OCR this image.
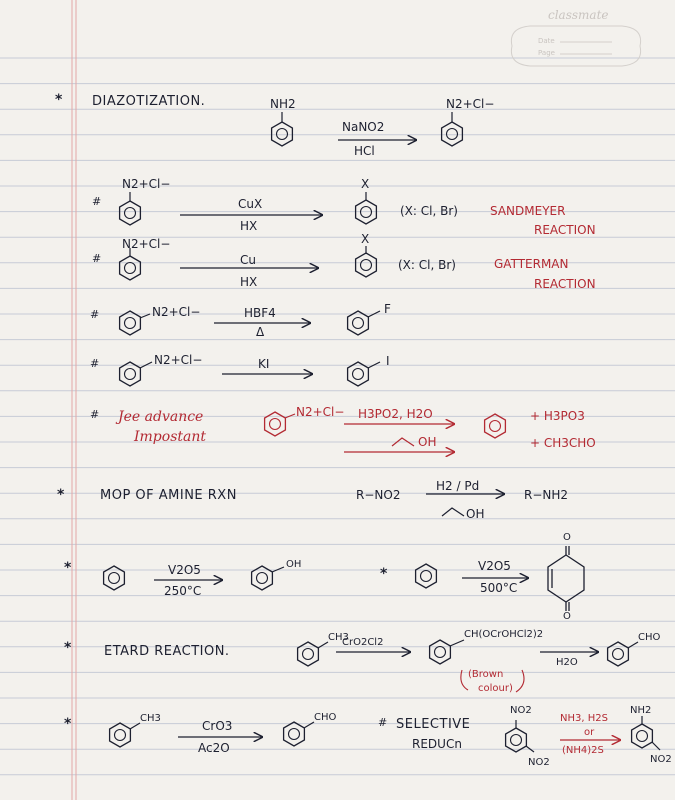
classmate
Date
Page
*
#
#
#
#
#
*
*	*
*
*	#
DIAZOTIZATION.	NH2
NaNO2
HCl
N2+Cl−
N2+Cl−
CuX
HX
X
(X: Cl, Br)	SANDMEYER
REACTION
N2+Cl−
Cu
HX
X
(X: Cl, Br)	GATTERMAN
REACTION
N2+Cl−	HBF4
Δ
F
N2+Cl−	KI	I
Jee advance
Impostant
N2+Cl− H3PO2, H2O
OH
+ H3PO3
+ CH3CHO
MOP OF AMINE RXN	R−NO2
H2 / Pd
OH
R−NH2
V2O5
250°C
OH	V2O5
500°C
O
O
ETARD REACTION.
CH3
CrO2Cl2
CH(OCrOHCl2)2
(Brown
colour)
H2O
CHO
CH3
CrO3
Ac2O
CHO	SELECTIVE
REDUCn
NO2
NO2
NH3, H2S
or
(NH4)2S
NH2
NO2
